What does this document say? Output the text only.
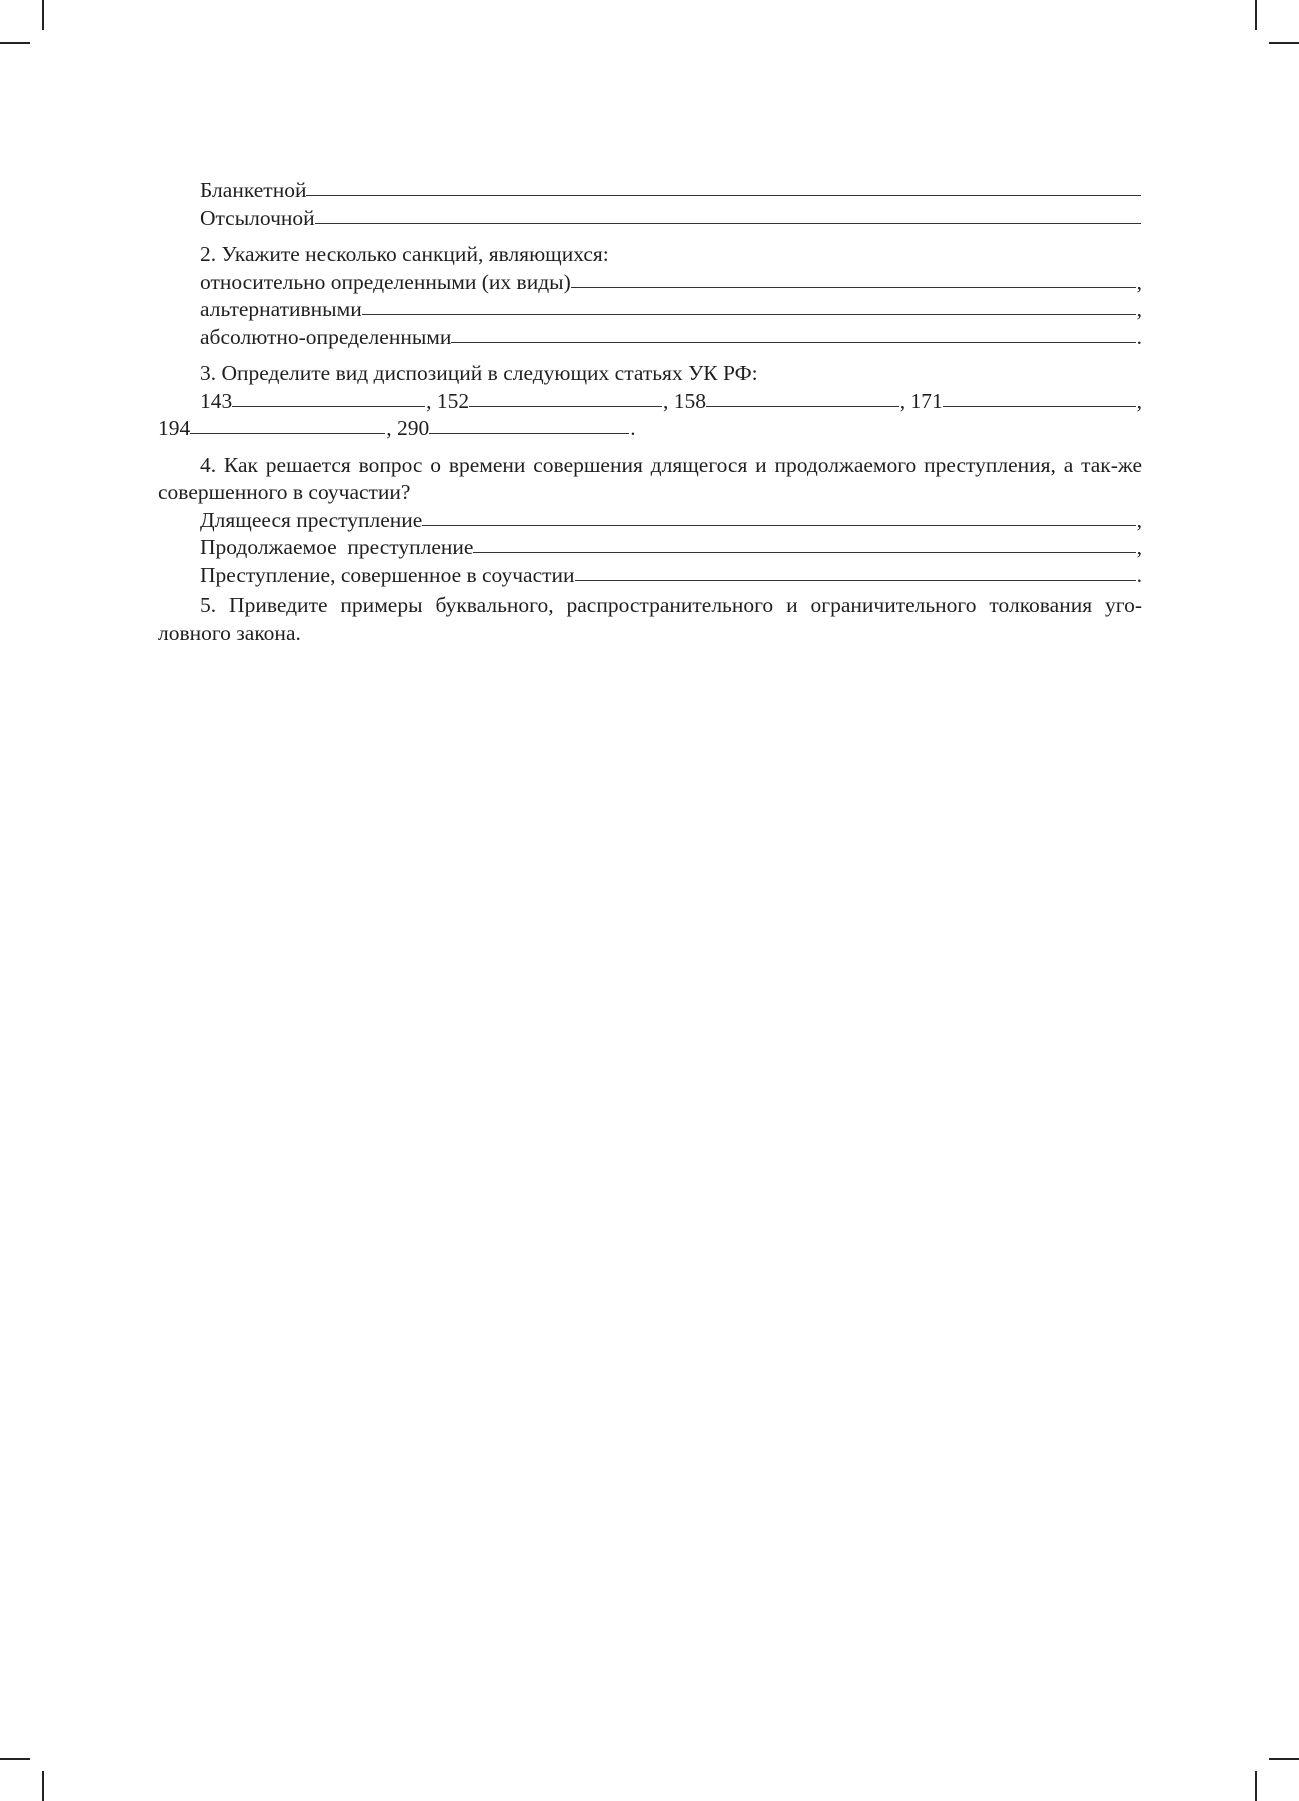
Бланкетной
Отсылочной
2. Укажите несколько санкций, являющихся:
относительно определенными (их виды)	,
альтернативными	,
абсолютно-определенными	.
3. Определите вид диспозиций в следующих статьях УК РФ:
143	, 152	, 158	, 171	,
194	, 290	.
4. Как решается вопрос о времени совершения длящегося и продолжаемого преступления, а так-же совершенного в соучастии?
Длящееся преступление	,
Продолжаемое  преступление	,
Преступление, совершенное в соучастии	.
5. Приведите примеры буквального, распространительного и ограничительного толкования уго-ловного закона.
